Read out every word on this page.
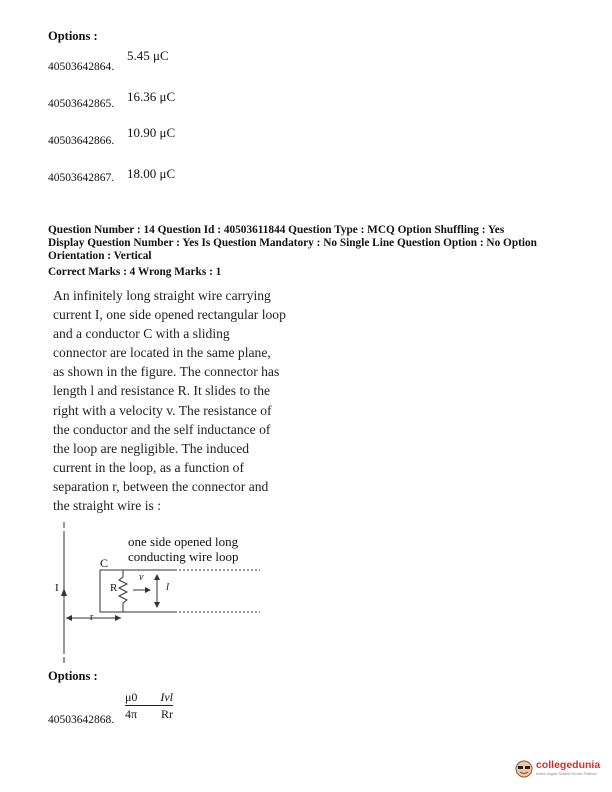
Options :
40503642864.
5.45 μC
40503642865. 16.36 μC
40503642866.
10.90 μC
40503642867. 18.00 μC
Question Number : 14 Question Id : 40503611844 Question Type : MCQ Option Shuffling : Yes
Display Question Number : Yes Is Question Mandatory : No Single Line Question Option : No Option
Orientation : Vertical
Correct Marks : 4 Wrong Marks : 1
An infinitely long straight wire carrying
current I, one side opened rectangular loop
and a conductor C with a sliding
connector are located in the same plane,
as shown in the figure. The connector has
length l and resistance R. It slides to the
right with a velocity v. The resistance of
the conductor and the self inductance of
the loop are negligible. The induced
current in the loop, as a function of
separation r, between the connector and
the straight wire is :
one side opened long
conducting wire loop
C
I	R
v
l
r
Options :
μ0 Ivl
4π Rr
40503642868.
collegedunia
India's largest Student Review Platform
